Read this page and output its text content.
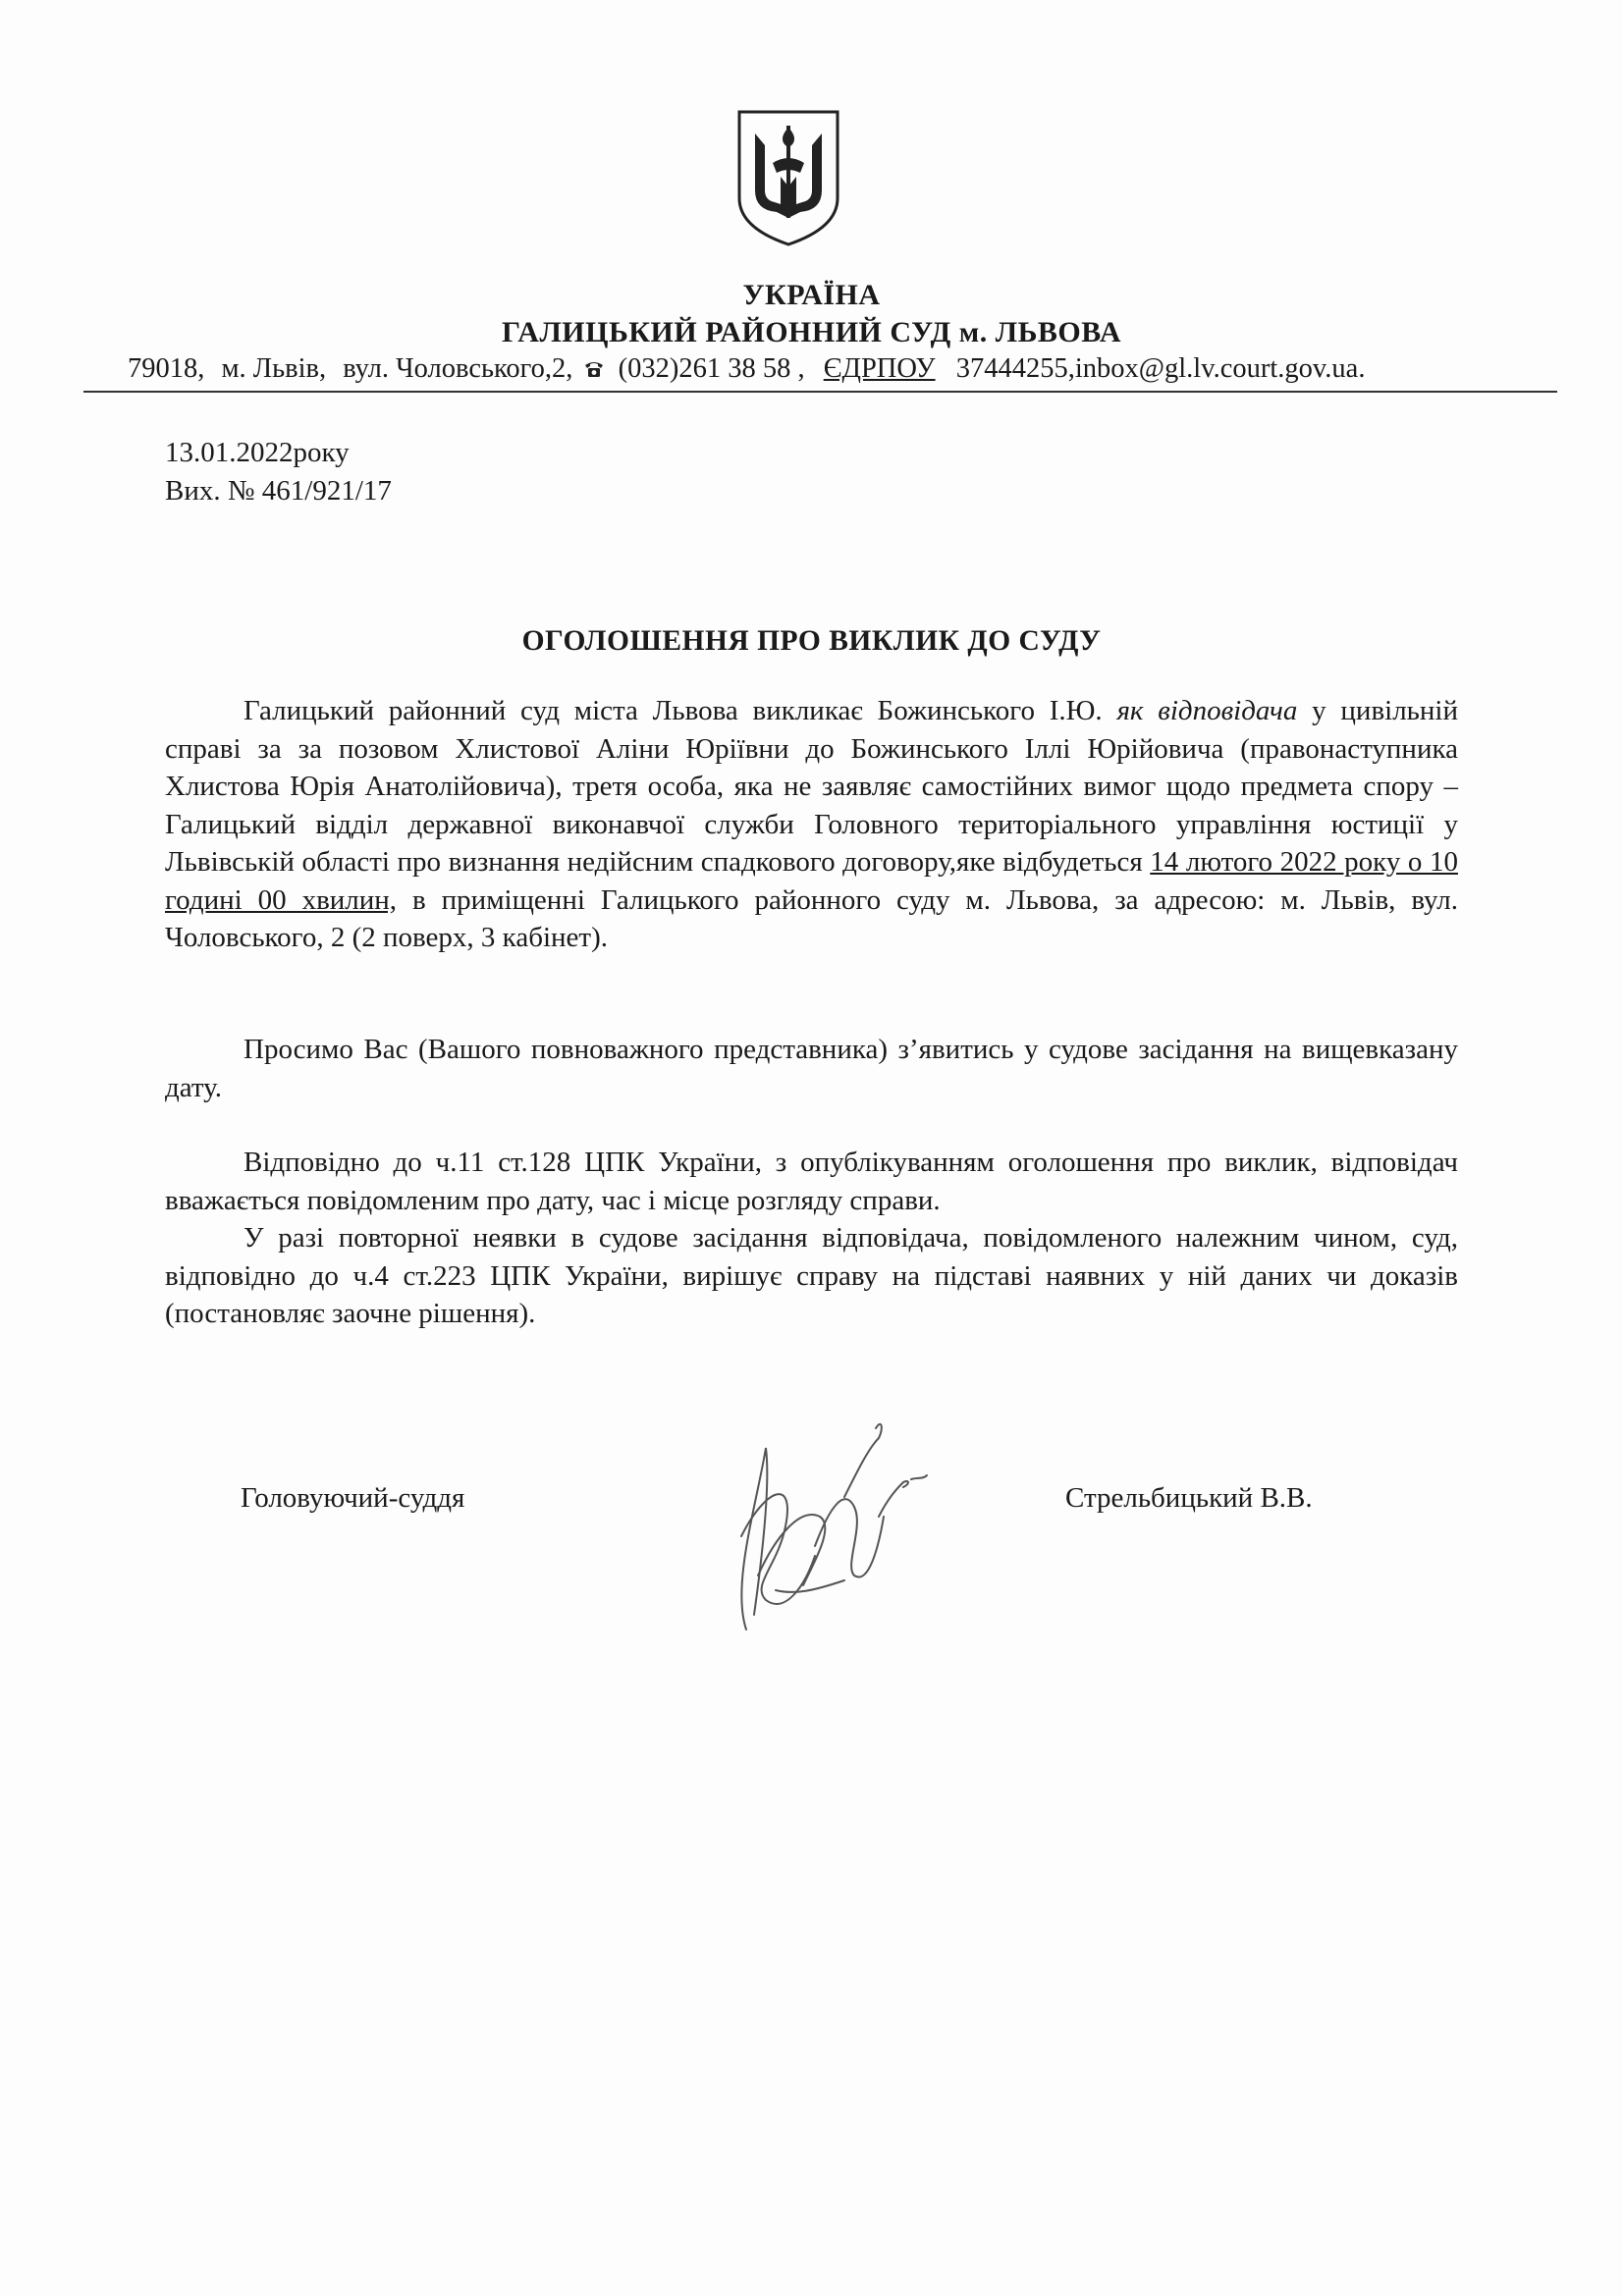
УКРАЇНА
ГАЛИЦЬКИЙ РАЙОННИЙ СУД м. ЛЬВОВА
79018, м. Львів, вул. Чоловського,2, (032)261 38 58 , ЄДРПОУ 37444255,inbox@gl.lv.court.gov.ua.
13.01.2022року
Вих. № 461/921/17
ОГОЛОШЕННЯ ПРО ВИКЛИК ДО СУДУ

Галицький районний суд міста Львова викликає Божинського І.Ю. як відповідача у цивільній справі за за позовом Хлистової Аліни Юріївни до Божинського Іллі Юрійовича (правонаступника Хлистова Юрія Анатолійовича), третя особа, яка не заявляє самостійних вимог щодо предмета спору – Галицький відділ державної виконавчої служби Головного територіального управління юстиції у Львівській області про визнання недійсним спадкового договору,яке відбудеться 14 лютого 2022 року о 10 годині 00 хвилин, в приміщенні Галицького районного суду м. Львова, за адресою: м. Львів, вул. Чоловського, 2 (2 поверх, 3 кабінет).

Просимо Вас (Вашого повноважного представника) з’явитись у судове засідання на вищевказану дату.

Відповідно до ч.11 ст.128 ЦПК України, з опублікуванням оголошення про виклик, відповідач вважається повідомленим про дату, час і місце розгляду справи.

У разі повторної неявки в судове засідання відповідача, повідомленого належним чином, суд, відповідно до ч.4 ст.223 ЦПК України, вирішує справу на підставі наявних у ній даних чи доказів (постановляє заочне рішення).

Головуючий-суддя	Стрельбицький В.В.
